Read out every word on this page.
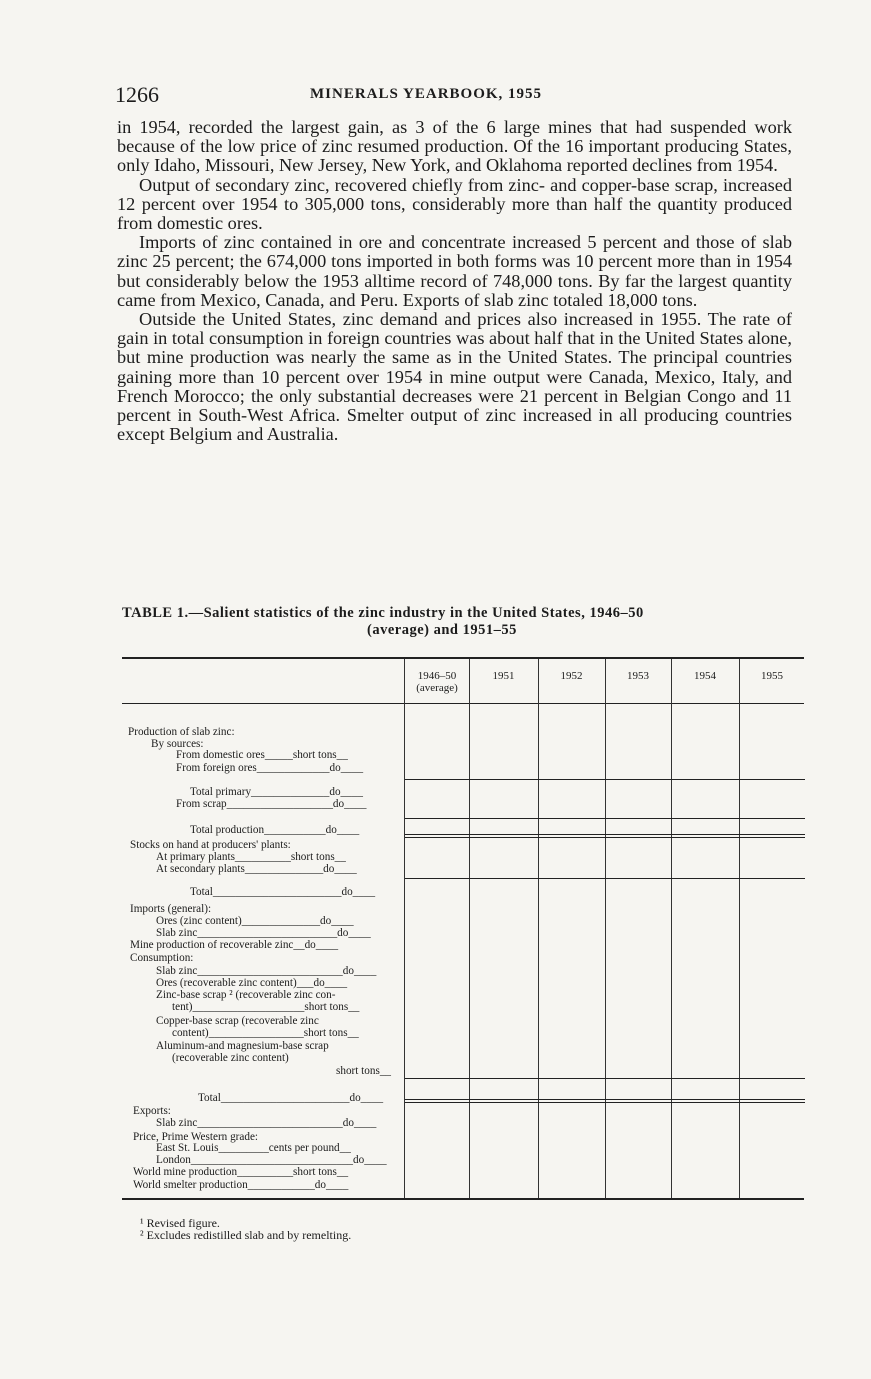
1266	MINERALS YEARBOOK, 1955

in 1954, recorded the largest gain, as 3 of the 6 large mines that had suspended work because of the low price of zinc resumed production. Of the 16 important producing States, only Idaho, Missouri, New Jersey, New York, and Oklahoma reported declines from 1954.

Output of secondary zinc, recovered chiefly from zinc- and copper-base scrap, increased 12 percent over 1954 to 305,000 tons, considerably more than half the quantity produced from domestic ores.

Imports of zinc contained in ore and concentrate increased 5 percent and those of slab zinc 25 percent; the 674,000 tons imported in both forms was 10 percent more than in 1954 but considerably below the 1953 alltime record of 748,000 tons. By far the largest quantity came from Mexico, Canada, and Peru. Exports of slab zinc totaled 18,000 tons.

Outside the United States, zinc demand and prices also increased in 1955. The rate of gain in total consumption in foreign countries was about half that in the United States alone, but mine production was nearly the same as in the United States. The principal countries gaining more than 10 percent over 1954 in mine output were Canada, Mexico, Italy, and French Morocco; the only substantial decreases were 21 percent in Belgian Congo and 11 percent in South-West Africa. Smelter output of zinc increased in all producing countries except Belgium and Australia.

TABLE 1.—Salient statistics of the zinc industry in the United States, 1946–50
(average) and 1951–55
1946–50 (average)
1951	1952	1953	1954	1955
Production of slab zinc:
By sources:
From domestic ores_____short tons__
From foreign ores_____________do____
Total primary______________do____
From scrap___________________do____
Total production___________do____
Stocks on hand at producers' plants:
At primary plants__________short tons__
At secondary plants______________do____
Total_______________________do____
Imports (general):
Ores (zinc content)______________do____
Slab zinc_________________________do____
Mine production of recoverable zinc__do____
Consumption:
Slab zinc__________________________do____
Ores (recoverable zinc content)___do____
Zinc-base scrap ² (recoverable zinc con-
tent)____________________short tons__
Copper-base scrap (recoverable zinc
content)_________________short tons__
Aluminum-and magnesium-base scrap
(recoverable zinc content)
short tons__
Total_______________________do____
Exports:
Slab zinc__________________________do____
Price, Prime Western grade:
East St. Louis_________cents per pound__
London_____________________________do____
World mine production__________short tons__
World smelter production____________do____
¹ Revised figure.
² Excludes redistilled slab and by remelting.
